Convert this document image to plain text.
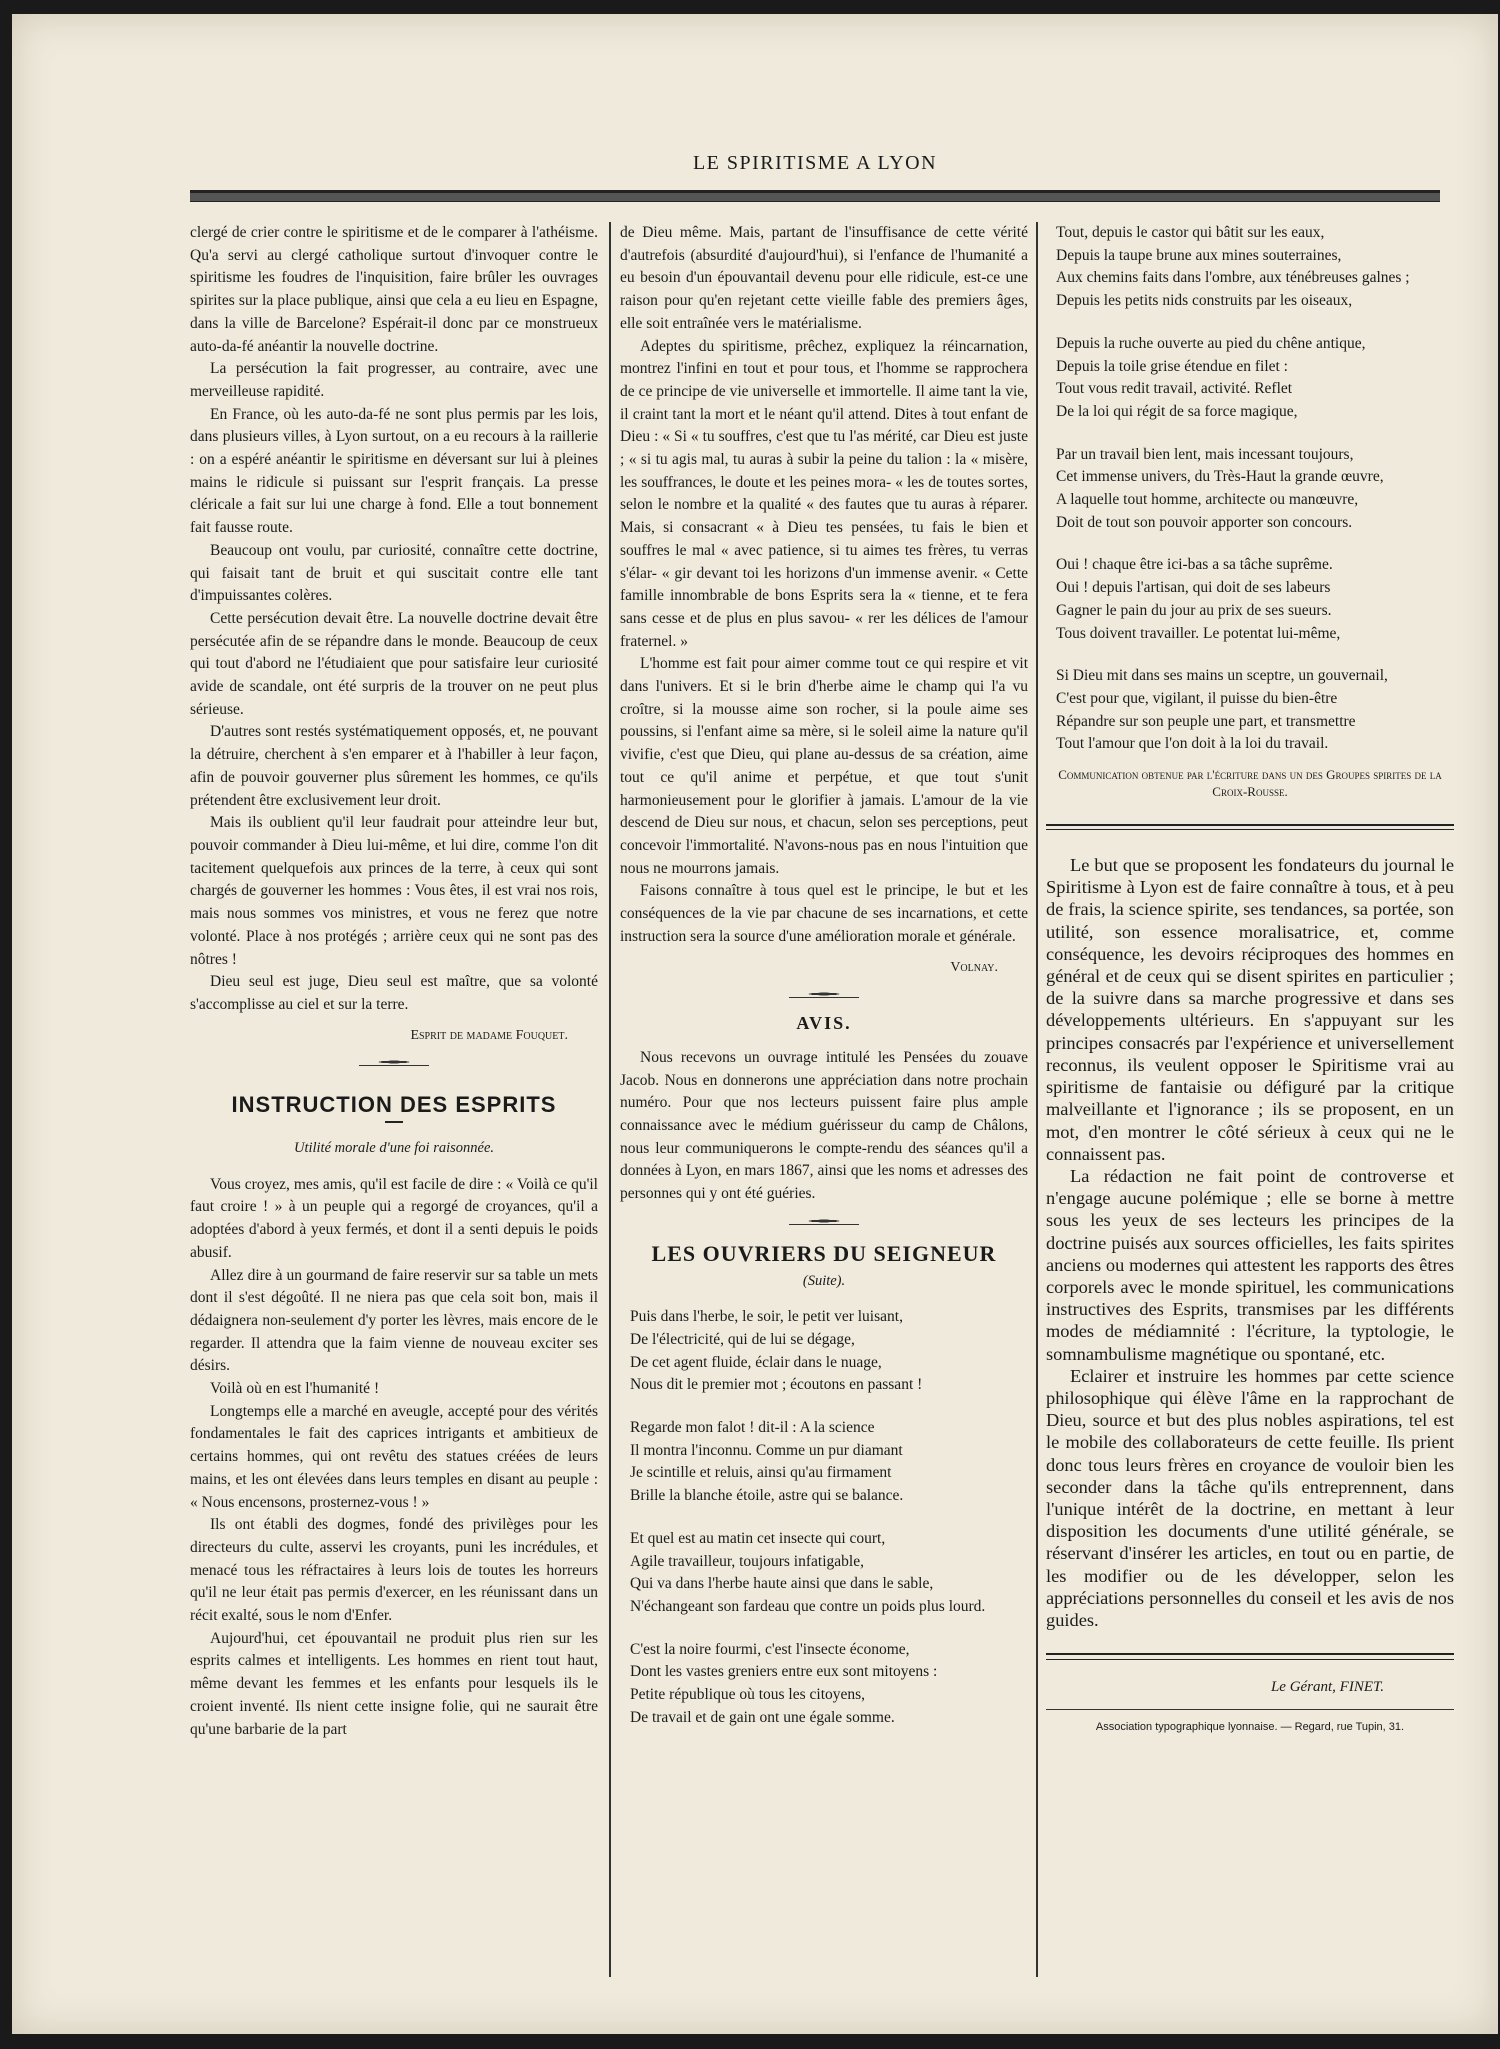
LE SPIRITISME A LYON

clergé de crier contre le spiritisme et de le comparer à l'athéisme. Qu'a servi au clergé catholique surtout d'invoquer contre le spiritisme les foudres de l'inquisition, faire brûler les ouvrages spirites sur la place publique, ainsi que cela a eu lieu en Espagne, dans la ville de Barcelone? Espérait-il donc par ce monstrueux auto-da-fé anéantir la nouvelle doctrine.

La persécution la fait progresser, au contraire, avec une merveilleuse rapidité.

En France, où les auto-da-fé ne sont plus permis par les lois, dans plusieurs villes, à Lyon surtout, on a eu recours à la raillerie : on a espéré anéantir le spiritisme en déversant sur lui à pleines mains le ridicule si puissant sur l'esprit français. La presse cléricale a fait sur lui une charge à fond. Elle a tout bonnement fait fausse route.

Beaucoup ont voulu, par curiosité, connaître cette doctrine, qui faisait tant de bruit et qui suscitait contre elle tant d'impuissantes colères.

Cette persécution devait être. La nouvelle doctrine devait être persécutée afin de se répandre dans le monde. Beaucoup de ceux qui tout d'abord ne l'étudiaient que pour satisfaire leur curiosité avide de scandale, ont été surpris de la trouver on ne peut plus sérieuse.

D'autres sont restés systématiquement opposés, et, ne pouvant la détruire, cherchent à s'en emparer et à l'habiller à leur façon, afin de pouvoir gouverner plus sûrement les hommes, ce qu'ils prétendent être exclusivement leur droit.

Mais ils oublient qu'il leur faudrait pour atteindre leur but, pouvoir commander à Dieu lui-même, et lui dire, comme l'on dit tacitement quelquefois aux princes de la terre, à ceux qui sont chargés de gouverner les hommes : Vous êtes, il est vrai nos rois, mais nous sommes vos ministres, et vous ne ferez que notre volonté. Place à nos protégés ; arrière ceux qui ne sont pas des nôtres !

Dieu seul est juge, Dieu seul est maître, que sa volonté s'accomplisse au ciel et sur la terre.

Esprit de madame Fouquet.
INSTRUCTION DES ESPRITS
Utilité morale d'une foi raisonnée.

Vous croyez, mes amis, qu'il est facile de dire : « Voilà ce qu'il faut croire ! » à un peuple qui a regorgé de croyances, qu'il a adoptées d'abord à yeux fermés, et dont il a senti depuis le poids abusif.

Allez dire à un gourmand de faire reservir sur sa table un mets dont il s'est dégoûté. Il ne niera pas que cela soit bon, mais il dédaignera non-seulement d'y porter les lèvres, mais encore de le regarder. Il attendra que la faim vienne de nouveau exciter ses désirs.

Voilà où en est l'humanité !

Longtemps elle a marché en aveugle, accepté pour des vérités fondamentales le fait des caprices intrigants et ambitieux de certains hommes, qui ont revêtu des statues créées de leurs mains, et les ont élevées dans leurs temples en disant au peuple : « Nous encensons, prosternez-vous ! »

Ils ont établi des dogmes, fondé des privilèges pour les directeurs du culte, asservi les croyants, puni les incrédules, et menacé tous les réfractaires à leurs lois de toutes les horreurs qu'il ne leur était pas permis d'exercer, en les réunissant dans un récit exalté, sous le nom d'Enfer.

Aujourd'hui, cet épouvantail ne produit plus rien sur les esprits calmes et intelligents. Les hommes en rient tout haut, même devant les femmes et les enfants pour lesquels ils le croient inventé. Ils nient cette insigne folie, qui ne saurait être qu'une barbarie de la part

de Dieu même. Mais, partant de l'insuffisance de cette vérité d'autrefois (absurdité d'aujourd'hui), si l'enfance de l'humanité a eu besoin d'un épouvantail devenu pour elle ridicule, est-ce une raison pour qu'en rejetant cette vieille fable des premiers âges, elle soit entraînée vers le matérialisme.

Adeptes du spiritisme, prêchez, expliquez la réincarnation, montrez l'infini en tout et pour tous, et l'homme se rapprochera de ce principe de vie universelle et immortelle. Il aime tant la vie, il craint tant la mort et le néant qu'il attend. Dites à tout enfant de Dieu : « Si « tu souffres, c'est que tu l'as mérité, car Dieu est juste ; « si tu agis mal, tu auras à subir la peine du talion : la « misère, les souffrances, le doute et les peines mora- « les de toutes sortes, selon le nombre et la qualité « des fautes que tu auras à réparer. Mais, si consacrant « à Dieu tes pensées, tu fais le bien et souffres le mal « avec patience, si tu aimes tes frères, tu verras s'élar- « gir devant toi les horizons d'un immense avenir. « Cette famille innombrable de bons Esprits sera la « tienne, et te fera sans cesse et de plus en plus savou- « rer les délices de l'amour fraternel. »

L'homme est fait pour aimer comme tout ce qui respire et vit dans l'univers. Et si le brin d'herbe aime le champ qui l'a vu croître, si la mousse aime son rocher, si la poule aime ses poussins, si l'enfant aime sa mère, si le soleil aime la nature qu'il vivifie, c'est que Dieu, qui plane au-dessus de sa création, aime tout ce qu'il anime et perpétue, et que tout s'unit harmonieusement pour le glorifier à jamais. L'amour de la vie descend de Dieu sur nous, et chacun, selon ses perceptions, peut concevoir l'immortalité. N'avons-nous pas en nous l'intuition que nous ne mourrons jamais.

Faisons connaître à tous quel est le principe, le but et les conséquences de la vie par chacune de ses incarnations, et cette instruction sera la source d'une amélioration morale et générale.

Volnay.
AVIS.

Nous recevons un ouvrage intitulé les Pensées du zouave Jacob. Nous en donnerons une appréciation dans notre prochain numéro. Pour que nos lecteurs puissent faire plus ample connaissance avec le médium guérisseur du camp de Châlons, nous leur communiquerons le compte-rendu des séances qu'il a données à Lyon, en mars 1867, ainsi que les noms et adresses des personnes qui y ont été guéries.

LES OUVRIERS DU SEIGNEUR
(Suite).
Puis dans l'herbe, le soir, le petit ver luisant,
De l'électricité, qui de lui se dégage,
De cet agent fluide, éclair dans le nuage,
Nous dit le premier mot ; écoutons en passant !
Regarde mon falot ! dit-il : A la science
Il montra l'inconnu. Comme un pur diamant
Je scintille et reluis, ainsi qu'au firmament
Brille la blanche étoile, astre qui se balance.
Et quel est au matin cet insecte qui court,
Agile travailleur, toujours infatigable,
Qui va dans l'herbe haute ainsi que dans le sable,
N'échangeant son fardeau que contre un poids plus lourd.
C'est la noire fourmi, c'est l'insecte économe,
Dont les vastes greniers entre eux sont mitoyens :
Petite république où tous les citoyens,
De travail et de gain ont une égale somme.
Tout, depuis le castor qui bâtit sur les eaux,
Depuis la taupe brune aux mines souterraines,
Aux chemins faits dans l'ombre, aux ténébreuses galnes ;
Depuis les petits nids construits par les oiseaux,
Depuis la ruche ouverte au pied du chêne antique,
Depuis la toile grise étendue en filet :
Tout vous redit travail, activité. Reflet
De la loi qui régit de sa force magique,
Par un travail bien lent, mais incessant toujours,
Cet immense univers, du Très-Haut la grande œuvre,
A laquelle tout homme, architecte ou manœuvre,
Doit de tout son pouvoir apporter son concours.
Oui ! chaque être ici-bas a sa tâche suprême.
Oui ! depuis l'artisan, qui doit de ses labeurs
Gagner le pain du jour au prix de ses sueurs.
Tous doivent travailler. Le potentat lui-même,
Si Dieu mit dans ses mains un sceptre, un gouvernail,
C'est pour que, vigilant, il puisse du bien-être
Répandre sur son peuple une part, et transmettre
Tout l'amour que l'on doit à la loi du travail.
Communication obtenue par l'écriture dans un des Groupes spirites de la Croix-Rousse.

Le but que se proposent les fondateurs du journal le Spiritisme à Lyon est de faire connaître à tous, et à peu de frais, la science spirite, ses tendances, sa portée, son utilité, son essence moralisatrice, et, comme conséquence, les devoirs réciproques des hommes en général et de ceux qui se disent spirites en particulier ; de la suivre dans sa marche progressive et dans ses développements ultérieurs. En s'appuyant sur les principes consacrés par l'expérience et universellement reconnus, ils veulent opposer le Spiritisme vrai au spiritisme de fantaisie ou défiguré par la critique malveillante et l'ignorance ; ils se proposent, en un mot, d'en montrer le côté sérieux à ceux qui ne le connaissent pas.

La rédaction ne fait point de controverse et n'engage aucune polémique ; elle se borne à mettre sous les yeux de ses lecteurs les principes de la doctrine puisés aux sources officielles, les faits spirites anciens ou modernes qui attestent les rapports des êtres corporels avec le monde spirituel, les communications instructives des Esprits, transmises par les différents modes de médiamnité : l'écriture, la typtologie, le somnambulisme magnétique ou spontané, etc.

Eclairer et instruire les hommes par cette science philosophique qui élève l'âme en la rapprochant de Dieu, source et but des plus nobles aspirations, tel est le mobile des collaborateurs de cette feuille. Ils prient donc tous leurs frères en croyance de vouloir bien les seconder dans la tâche qu'ils entreprennent, dans l'unique intérêt de la doctrine, en mettant à leur disposition les documents d'une utilité générale, se réservant d'insérer les articles, en tout ou en partie, de les modifier ou de les développer, selon les appréciations personnelles du conseil et les avis de nos guides.

Le Gérant, FINET.
Association typographique lyonnaise. — Regard, rue Tupin, 31.
